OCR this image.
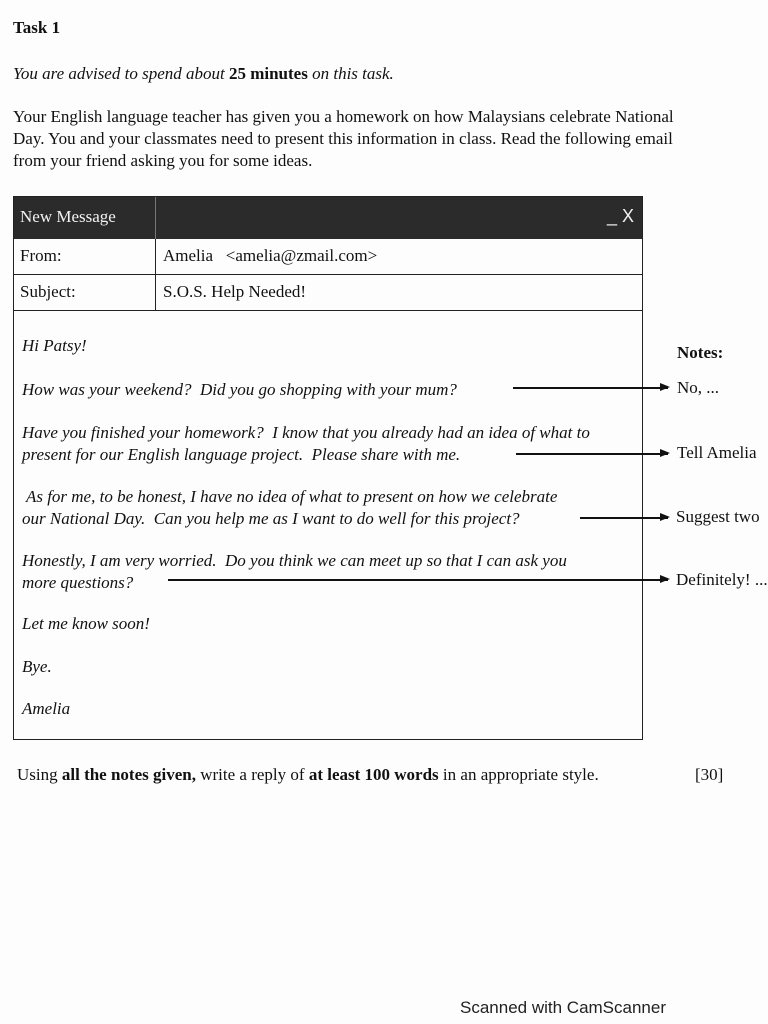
Task 1
You are advised to spend about 25 minutes on this task.
Your English language teacher has given you a homework on how Malaysians celebrate National
Day. You and your classmates need to present this information in class. Read the following email
from your friend asking you for some ideas.
New Message	_ X
From:	Amelia   <amelia@zmail.com>
Subject:	S.O.S. Help Needed!
Hi Patsy!
How was your weekend?  Did you go shopping with your mum?
Have you finished your homework?  I know that you already had an idea of what to
present for our English language project.  Please share with me.
As for me, to be honest, I have no idea of what to present on how we celebrate
our National Day.  Can you help me as I want to do well for this project?
Honestly, I am very worried.  Do you think we can meet up so that I can ask you
more questions?
Let me know soon!
Bye.
Amelia
Notes:
No, ...
Tell Amelia
Suggest two
Definitely! ...
Using all the notes given, write a reply of at least 100 words in an appropriate style.	[30]
Scanned with CamScanner
